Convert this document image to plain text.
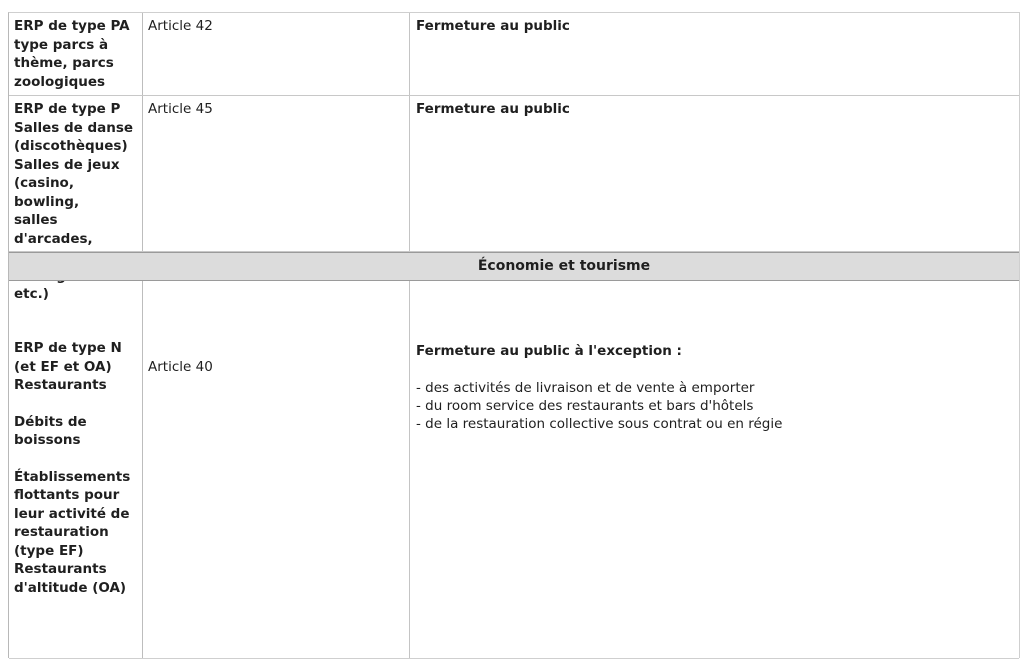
ERP de type PA
type parcs à
thème, parcs
zoologiques
Article 42	Fermeture au public
ERP de type P
Salles de danse
(discothèques)
Salles de jeux
(casino, bowling,
salles d'arcades,

etc.)
Article 45	Fermeture au public
Économie et tourisme

ERP de type N
(et EF et OA)
Restaurants

Débits de
boissons

Établissements
flottants pour
leur activité de
restauration
(type EF)
Restaurants
d'altitude (OA)

Article 40
Fermeture au public à l'exception :
- des activités de livraison et de vente à emporter
- du room service des restaurants et bars d'hôtels
- de la restauration collective sous contrat ou en régie
